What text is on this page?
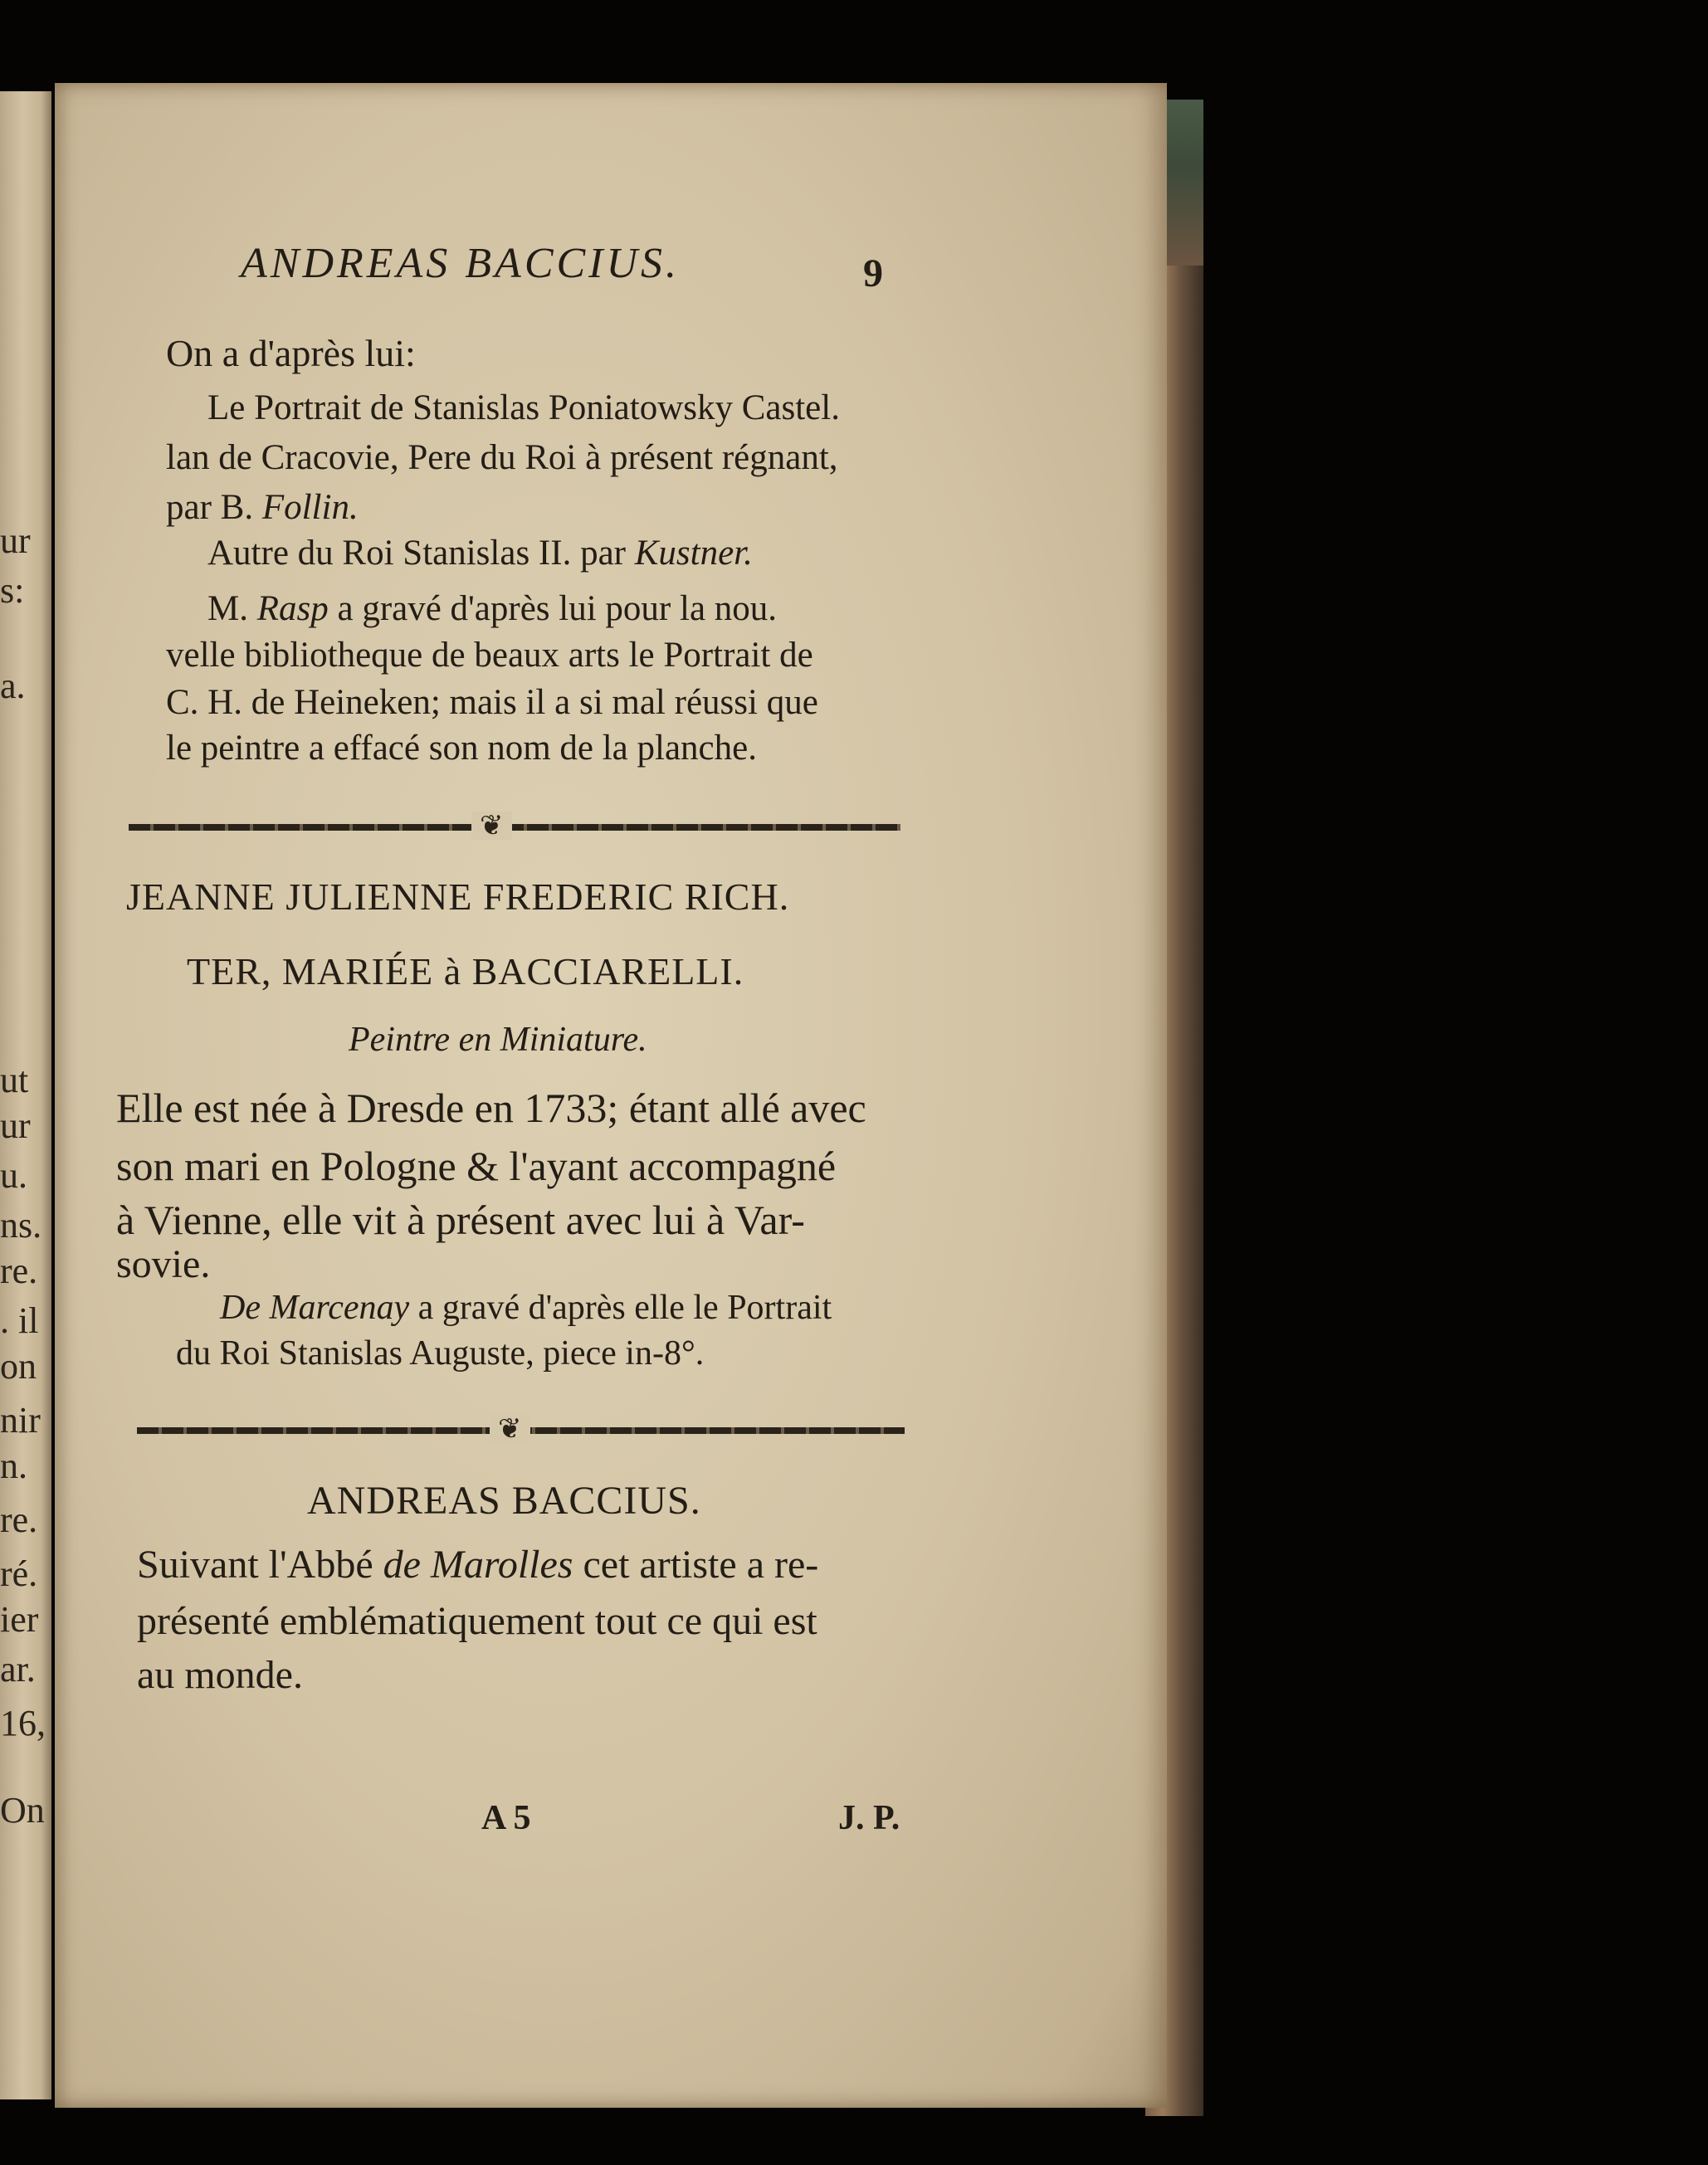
ur
s:
a.
ut
ur
u.
ns.
re.
. il
on
nir
n.
re.
ré.
ier
ar.
16,
On
ANDREAS BACCIUS.	9
On a d'après lui:
Le Portrait de Stanislas Poniatowsky Castel.
lan de Cracovie, Pere du Roi à présent régnant,
par B. Follin.
Autre du Roi Stanislas II. par Kustner.
M. Rasp a gravé d'après lui pour la nou.
velle bibliotheque de beaux arts le Portrait de
C. H. de Heineken; mais il a si mal réussi que
le peintre a effacé son nom de la planche.
❦
JEANNE JULIENNE FREDERIC RICH.
TER, MARIÉE à BACCIARELLI.
Peintre en Miniature.
Elle est née à Dresde en 1733; étant allé avec
son mari en Pologne & l'ayant accompagné
à Vienne, elle vit à présent avec lui à Var-
sovie.
De Marcenay a gravé d'après elle le Portrait
du Roi Stanislas Auguste, piece in-8°.
❦
ANDREAS BACCIUS.
Suivant l'Abbé de Marolles cet artiste a re-
présenté emblématiquement tout ce qui est
au monde.
A 5	J. P.
